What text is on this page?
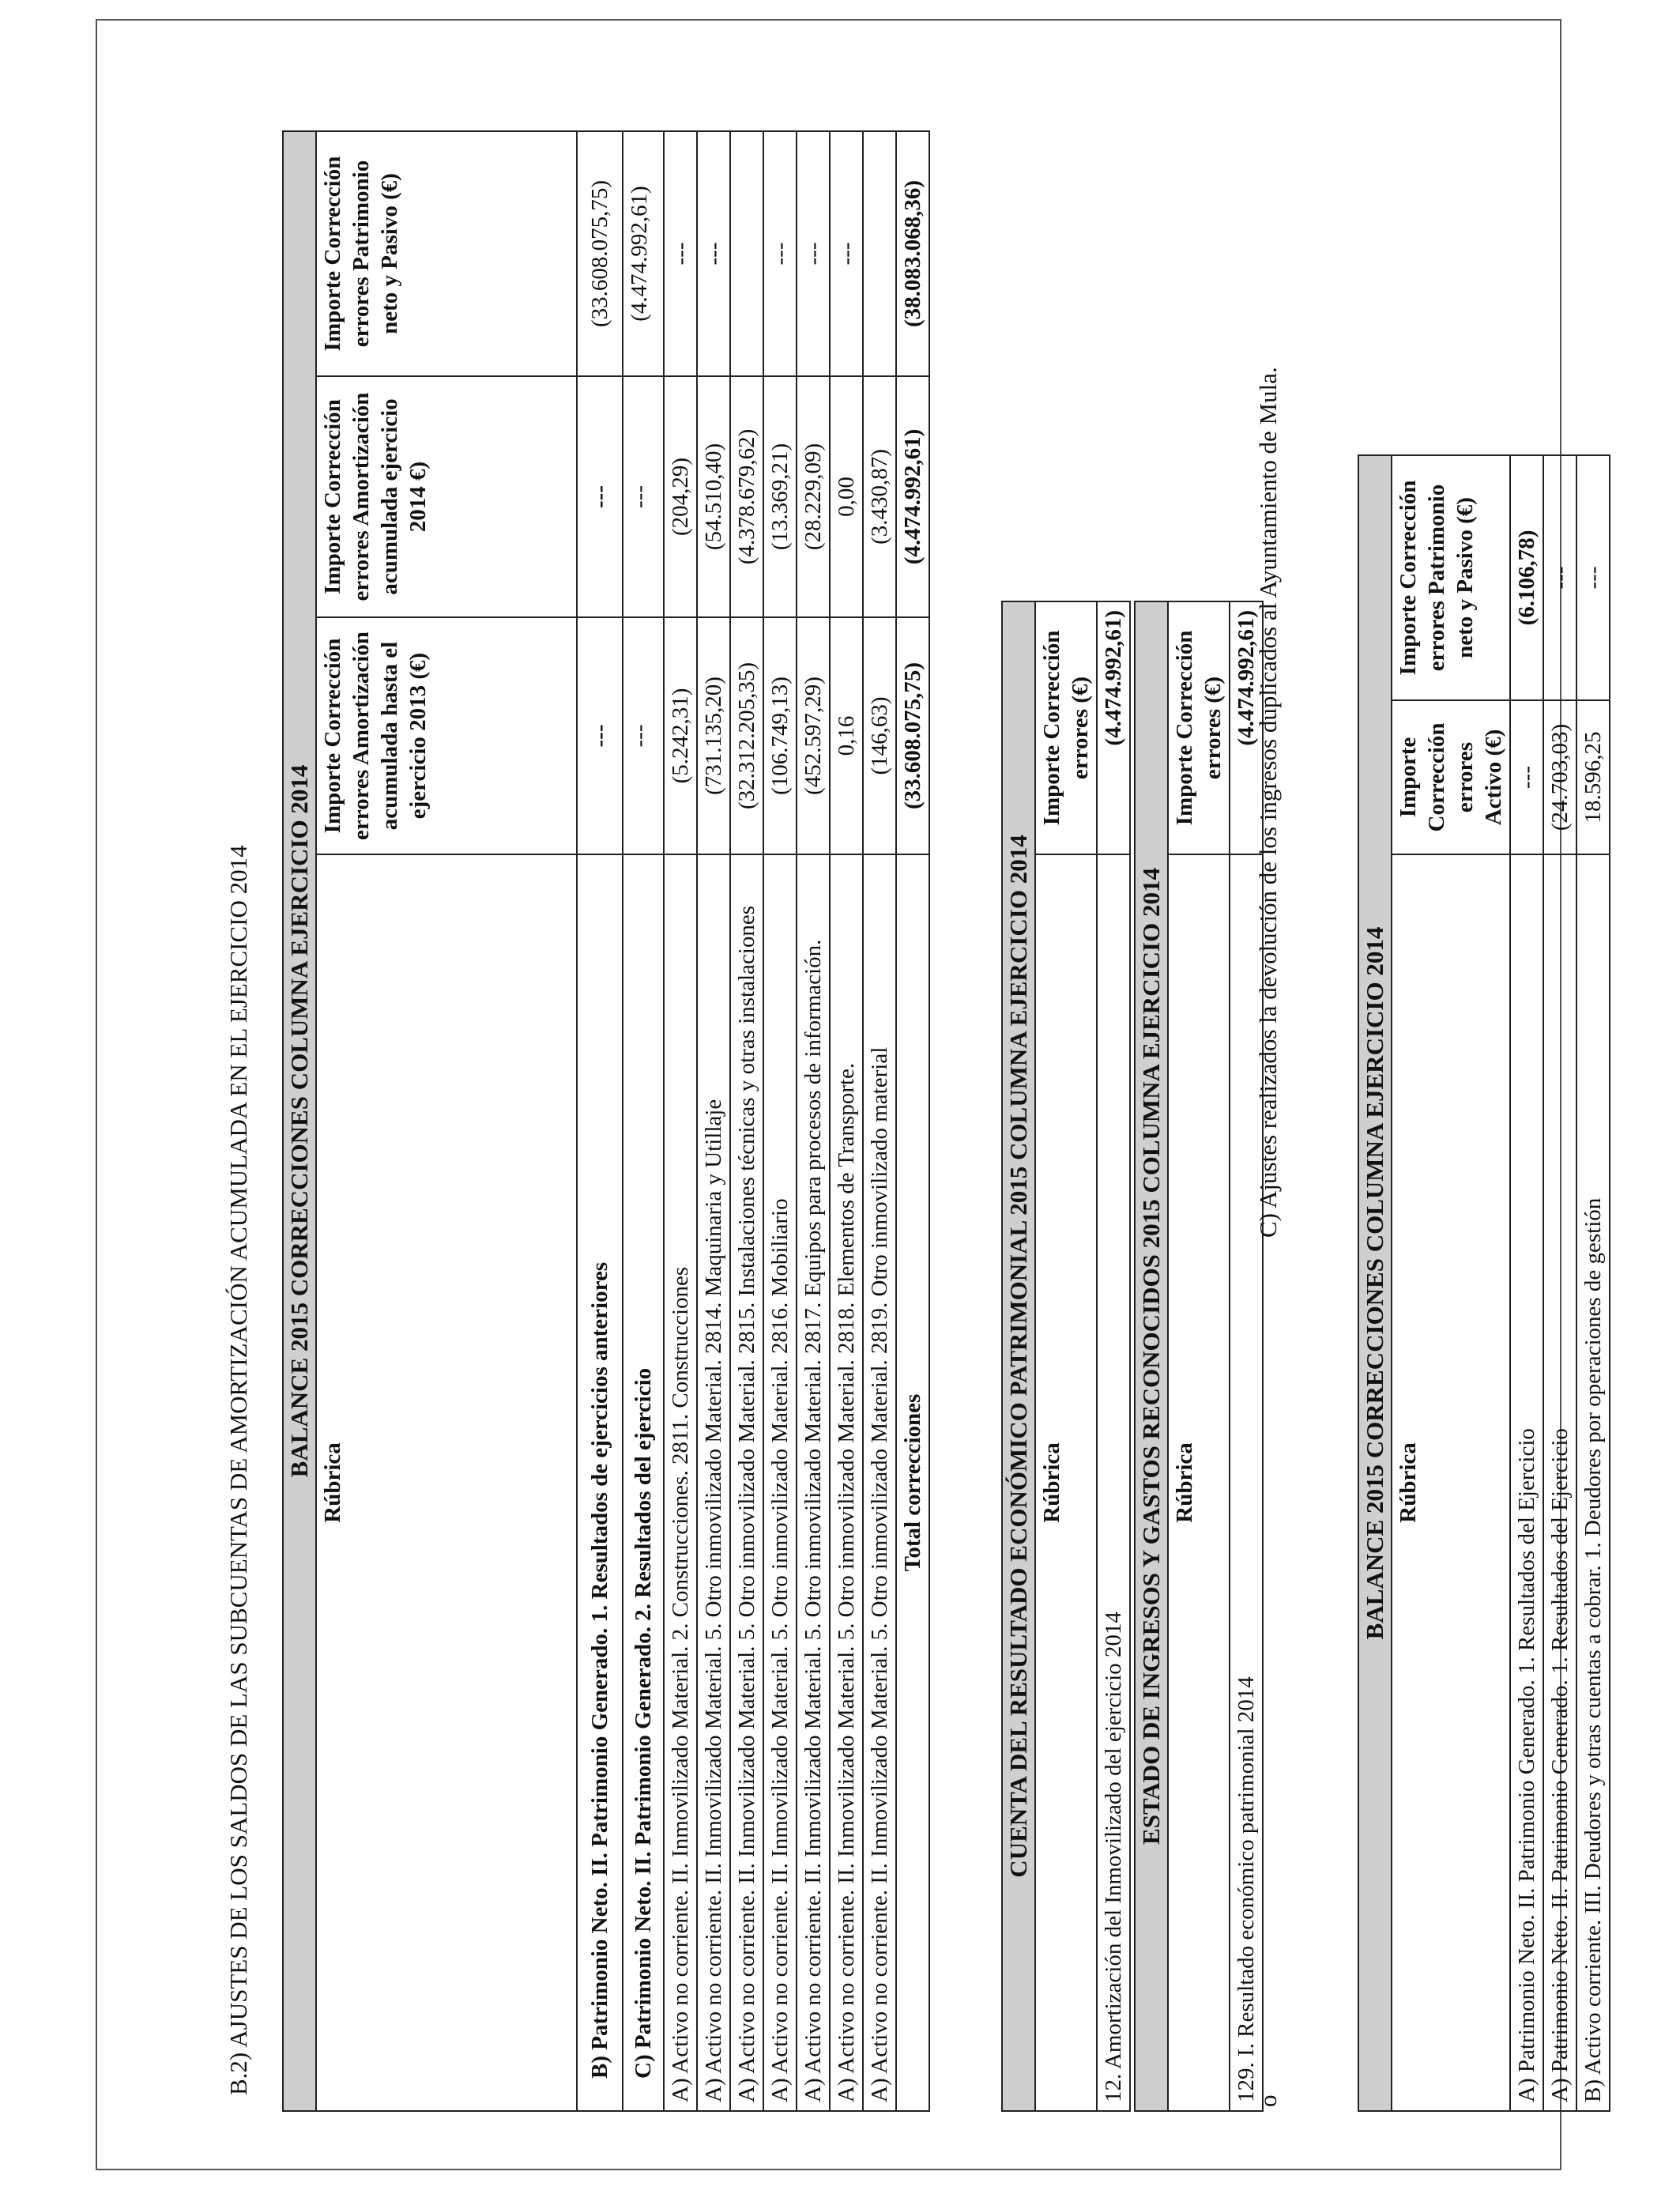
B.2) AJUSTES DE LOS SALDOS DE LAS SUBCUENTAS DE AMORTIZACIÓN ACUMULADA EN EL EJERCICIO 2014 BALANCE 2015 CORRECCIONES COLUMNA EJERCICIO 2014			
Rúbrica	Importe Corrección errores Amortización acumulada hasta el ejercicio 2013 (€)	Importe Corrección errores Amortización acumulada ejercicio 2014 €)	Importe Corrección errores Patrimonio neto y Pasivo (€)
B) Patrimonio Neto. II. Patrimonio Generado. 1. Resultados de ejercicios anteriores	---	---	(33.608.075,75)
C) Patrimonio Neto. II. Patrimonio Generado. 2. Resultados del ejercicio	---	---	(4.474.992,61)
A) Activo no corriente. II. Inmovilizado Material. 2. Construcciones. 2811. Construcciones	(5.242,31)	(204,29)	---
A) Activo no corriente. II. Inmovilizado Material. 5. Otro inmovilizado Material. 2814. Maquinaria y Utillaje	(731.135,20)	(54.510,40)	---
A) Activo no corriente. II. Inmovilizado Material. 5. Otro inmovilizado Material. 2815. Instalaciones técnicas y otras instalaciones	(32.312.205,35)	(4.378.679,62)	
A) Activo no corriente. II. Inmovilizado Material. 5. Otro inmovilizado Material. 2816. Mobiliario	(106.749,13)	(13.369,21)	---
A) Activo no corriente. II. Inmovilizado Material. 5. Otro inmovilizado Material. 2817. Equipos para procesos de información.	(452.597,29)	(28.229,09)	---
A) Activo no corriente. II. Inmovilizado Material. 5. Otro inmovilizado Material. 2818. Elementos de Transporte.	0,16	0,00	---
A) Activo no corriente. II. Inmovilizado Material. 5. Otro inmovilizado Material. 2819. Otro inmovilizado material	(146,63)	(3.430,87)	
Total correcciones	(33.608.075,75)	(4.474.992,61)	(38.083.068,36)
CUENTA DEL RESULTADO ECONÓMICO PATRIMONIAL 2015 COLUMNA EJERCICIO 2014	
Rúbrica	Importe Corrección errores (€)
12. Amortización del Inmovilizado del ejercicio 2014	(4.474.992,61)
ESTADO DE INGRESOS Y GASTOS RECONOCIDOS 2015 COLUMNA EJERCICIO 2014	
Rúbrica	Importe Corrección errores (€)
129. I. Resultado económico patrimonial 2014	(4.474.992,61)
o
C) Ajustes realizados la devolución de los ingresos duplicados al Ayuntamiento de Mula.
BALANCE 2015 CORRECCIONES COLUMNA EJERCICIO 2014		
Rúbrica	Importe Corrección errores Activo (€)	Importe Corrección errores Patrimonio neto y Pasivo (€)
A) Patrimonio Neto. II. Patrimonio Generado. 1. Resultados del Ejercicio	---	(6.106,78)
A) Patrimonio Neto. II. Patrimonio Generado. 1. Resultados del Ejercicio	(24.703,03)	---
B) Activo corriente. III. Deudores y otras cuentas a cobrar. 1. Deudores por operaciones de gestión	18.596,25	---
